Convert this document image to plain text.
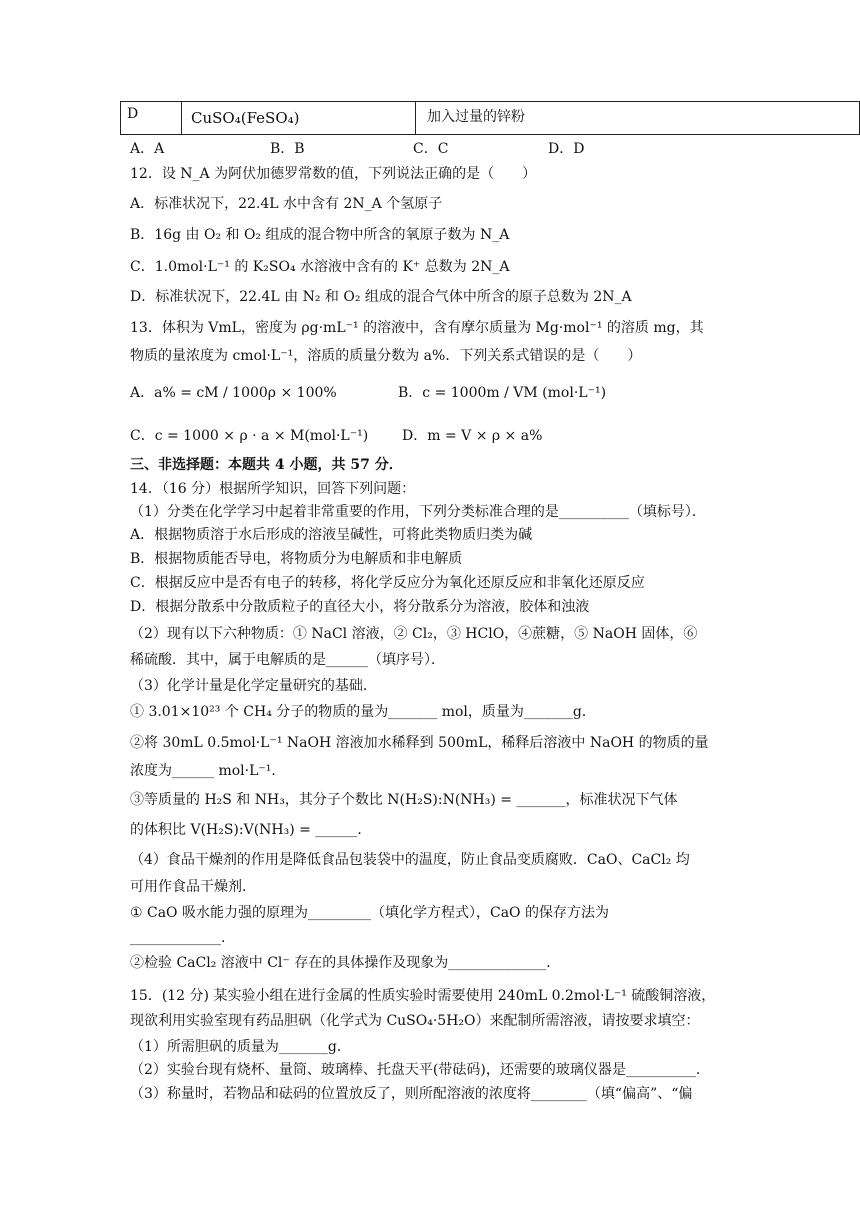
D	CuSO₄(FeSO₄)	加入过量的锌粉
A．A	B．B	C．C	D．D
12．设 N_A 为阿伏加德罗常数的值，下列说法正确的是（　　）
A．标准状况下，22.4L 水中含有 2N_A 个氢原子
B．16g 由 O₂ 和 O₂ 组成的混合物中所含的氧原子数为 N_A
C．1.0mol·L⁻¹ 的 K₂SO₄ 水溶液中含有的 K⁺ 总数为 2N_A
D．标准状况下，22.4L 由 N₂ 和 O₂ 组成的混合气体中所含的原子总数为 2N_A
13．体积为 VmL，密度为 ρg·mL⁻¹ 的溶液中，含有摩尔质量为 Mg·mol⁻¹ 的溶质 mg，其
物质的量浓度为 cmol·L⁻¹，溶质的质量分数为 a%．下列关系式错误的是（　　）
A．a% = cM / 1000ρ × 100%	B．c = 1000m / VM (mol·L⁻¹)
C．c = 1000 × ρ · a × M(mol·L⁻¹) D．m = V × ρ × a%
三、非选择题：本题共 4 小题，共 57 分．
14．（16 分）根据所学知识，回答下列问题：
（1）分类在化学学习中起着非常重要的作用，下列分类标准合理的是__________（填标号）．
A．根据物质溶于水后形成的溶液呈碱性，可将此类物质归类为碱
B．根据物质能否导电，将物质分为电解质和非电解质
C．根据反应中是否有电子的转移，将化学反应分为氧化还原反应和非氧化还原反应
D．根据分散系中分散质粒子的直径大小，将分散系分为溶液，胶体和浊液
（2）现有以下六种物质：① NaCl 溶液，② Cl₂，③ HClO，④蔗糖，⑤ NaOH 固体，⑥
稀硫酸．其中，属于电解质的是______（填序号）．
（3）化学计量是化学定量研究的基础．
① 3.01×10²³ 个 CH₄ 分子的物质的量为_______ mol，质量为_______g．
②将 30mL 0.5mol·L⁻¹ NaOH 溶液加水稀释到 500mL，稀释后溶液中 NaOH 的物质的量
浓度为______ mol·L⁻¹．
③等质量的 H₂S 和 NH₃，其分子个数比 N(H₂S):N(NH₃) = _______，标准状况下气体
的体积比 V(H₂S):V(NH₃) = ______．
（4）食品干燥剂的作用是降低食品包装袋中的温度，防止食品变质腐败．CaO、CaCl₂ 均
可用作食品干燥剂．
① CaO 吸水能力强的原理为_________（填化学方程式），CaO 的保存方法为
_____________．
②检验 CaCl₂ 溶液中 Cl⁻ 存在的具体操作及现象为______________．
15．(12 分) 某实验小组在进行金属的性质实验时需要使用 240mL 0.2mol·L⁻¹ 硫酸铜溶液，
现欲利用实验室现有药品胆矾（化学式为 CuSO₄·5H₂O）来配制所需溶液，请按要求填空：
（1）所需胆矾的质量为_______g．
（2）实验台现有烧杯、量筒、玻璃棒、托盘天平(带砝码)，还需要的玻璃仪器是__________．
（3）称量时，若物品和砝码的位置放反了，则所配溶液的浓度将________（填“偏高”、“偏
